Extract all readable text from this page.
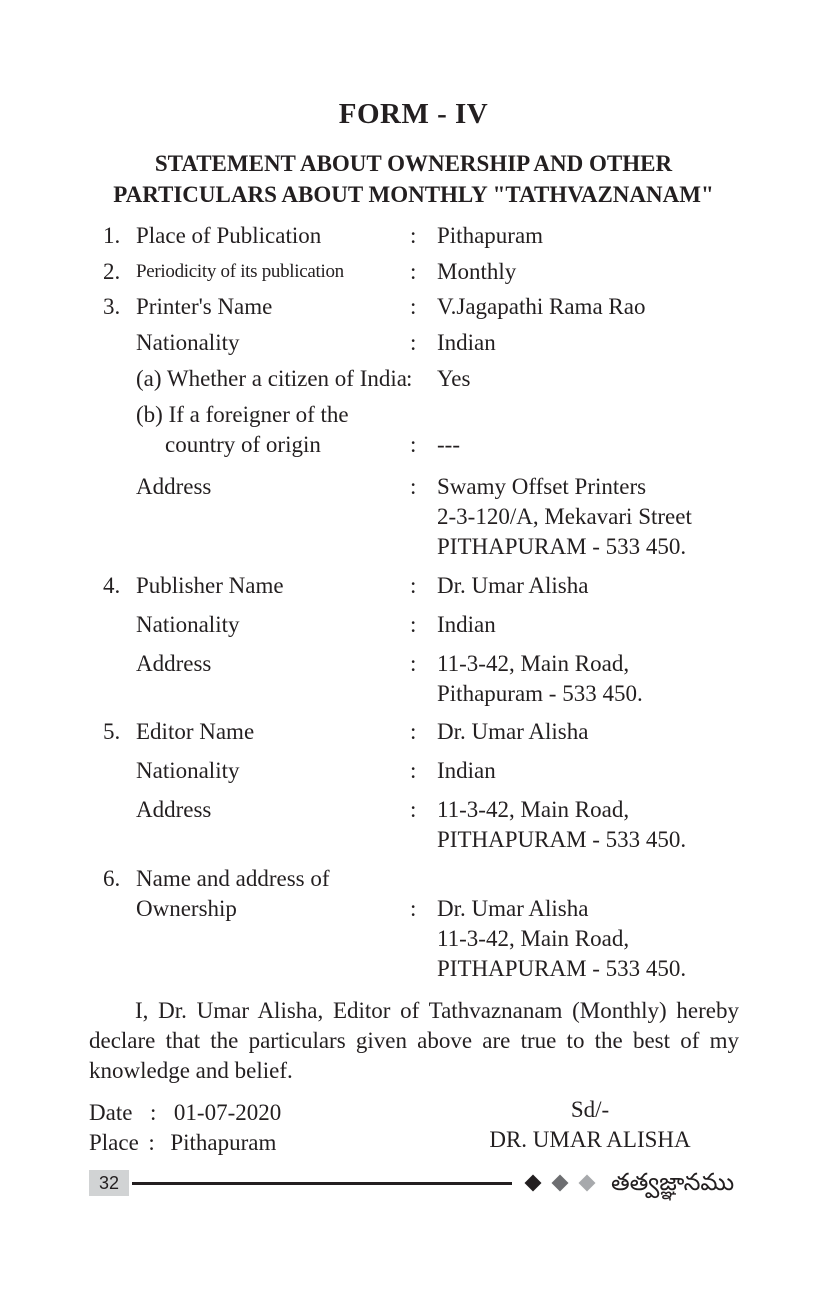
FORM - IV
STATEMENT ABOUT OWNERSHIP AND OTHER
PARTICULARS ABOUT MONTHLY "TATHVAZNANAM"
1. Place of Publication	: Pithapuram
2. Periodicity of its publication	: Monthly
3. Printer's Name	: V.Jagapathi Rama Rao
Nationality	: Indian
(a) Whether a citizen of India : Yes
(b) If a foreigner of the
country of origin	: ---
Address	: Swamy Offset Printers
2-3-120/A, Mekavari Street
PITHAPURAM - 533 450.
4. Publisher Name	: Dr. Umar Alisha
Nationality	: Indian
Address	: 11-3-42, Main Road,
Pithapuram - 533 450.
5. Editor Name	: Dr. Umar Alisha
Nationality	: Indian
Address	: 11-3-42, Main Road,
PITHAPURAM - 533 450.
6. Name and address of
Ownership	: Dr. Umar Alisha
11-3-42, Main Road,
PITHAPURAM - 533 450.
I, Dr. Umar Alisha, Editor of Tathvaznanam (Monthly) hereby
declare that the particulars given above are true to the best of my
knowledge and belief.
Date : 01-07-2020
Place : Pithapuram
Sd/-
DR. UMAR ALISHA
32	తత్వజ్ఞానము
